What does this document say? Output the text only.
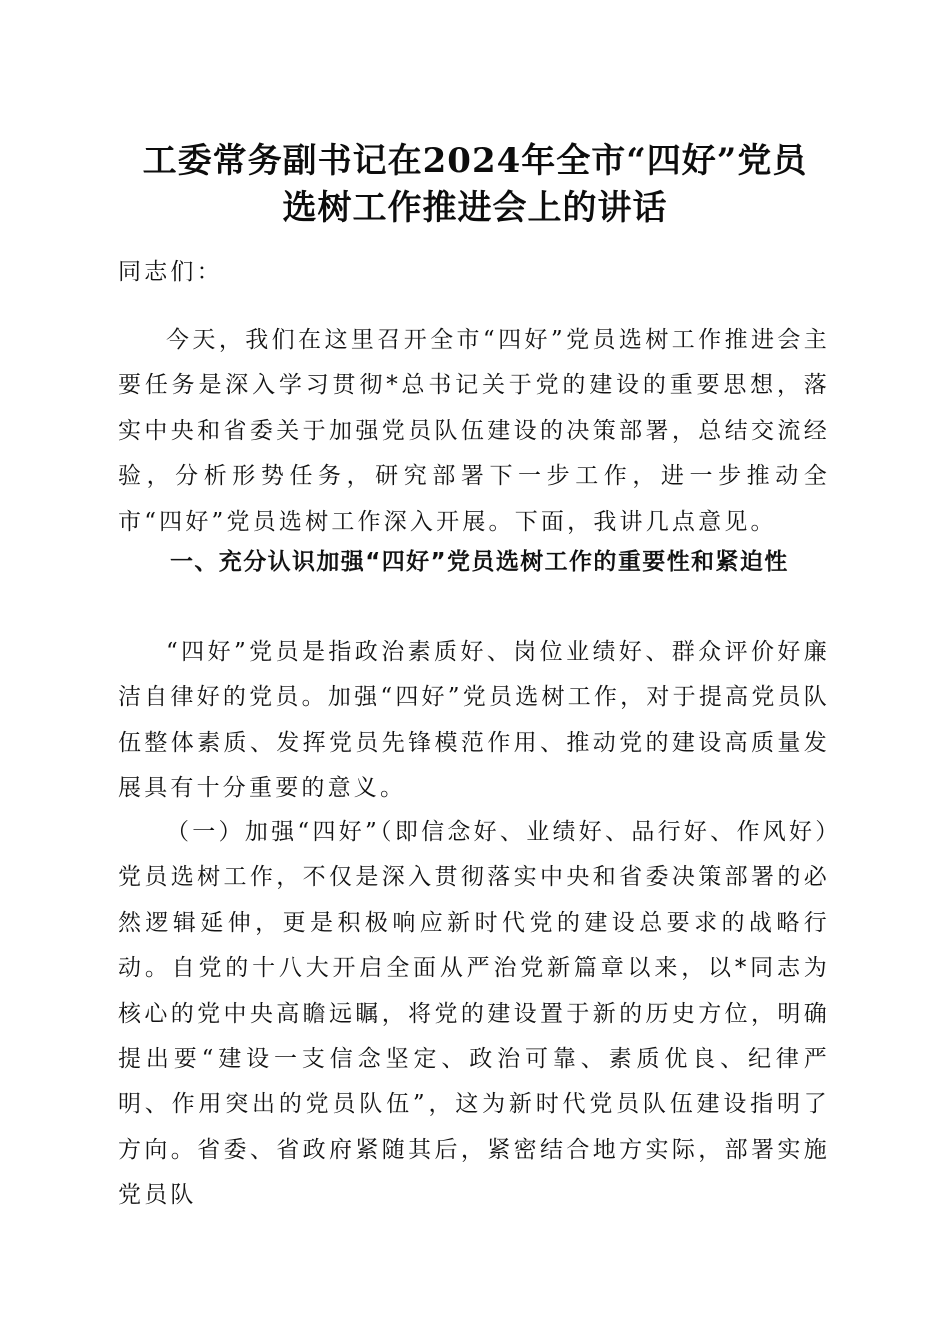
工委常务副书记在2024年全市“四好”党员
选树工作推进会上的讲话
同志们：
今天，我们在这里召开全市“四好”党员选树工作推进会主要任务是深入学习贯彻*总书记关于党的建设的重要思想，落实中央和省委关于加强党员队伍建设的决策部署，总结交流经验，分析形势任务，研究部署下一步工作，进一步推动全市“四好”党员选树工作深入开展。下面，我讲几点意见。
一、充分认识加强“四好”党员选树工作的重要性和紧迫性
“四好”党员是指政治素质好、岗位业绩好、群众评价好廉洁自律好的党员。加强“四好”党员选树工作，对于提高党员队伍整体素质、发挥党员先锋模范作用、推动党的建设高质量发展具有十分重要的意义。
（一）加强“四好”（即信念好、业绩好、品行好、作风好）党员选树工作，不仅是深入贯彻落实中央和省委决策部署的必然逻辑延伸，更是积极响应新时代党的建设总要求的战略行动。自党的十八大开启全面从严治党新篇章以来，以*同志为核心的党中央高瞻远瞩，将党的建设置于新的历史方位，明确提出要“建设一支信念坚定、政治可靠、素质优良、纪律严明、作用突出的党员队伍”，这为新时代党员队伍建设指明了方向。省委、省政府紧随其后，紧密结合地方实际，部署实施党员队
